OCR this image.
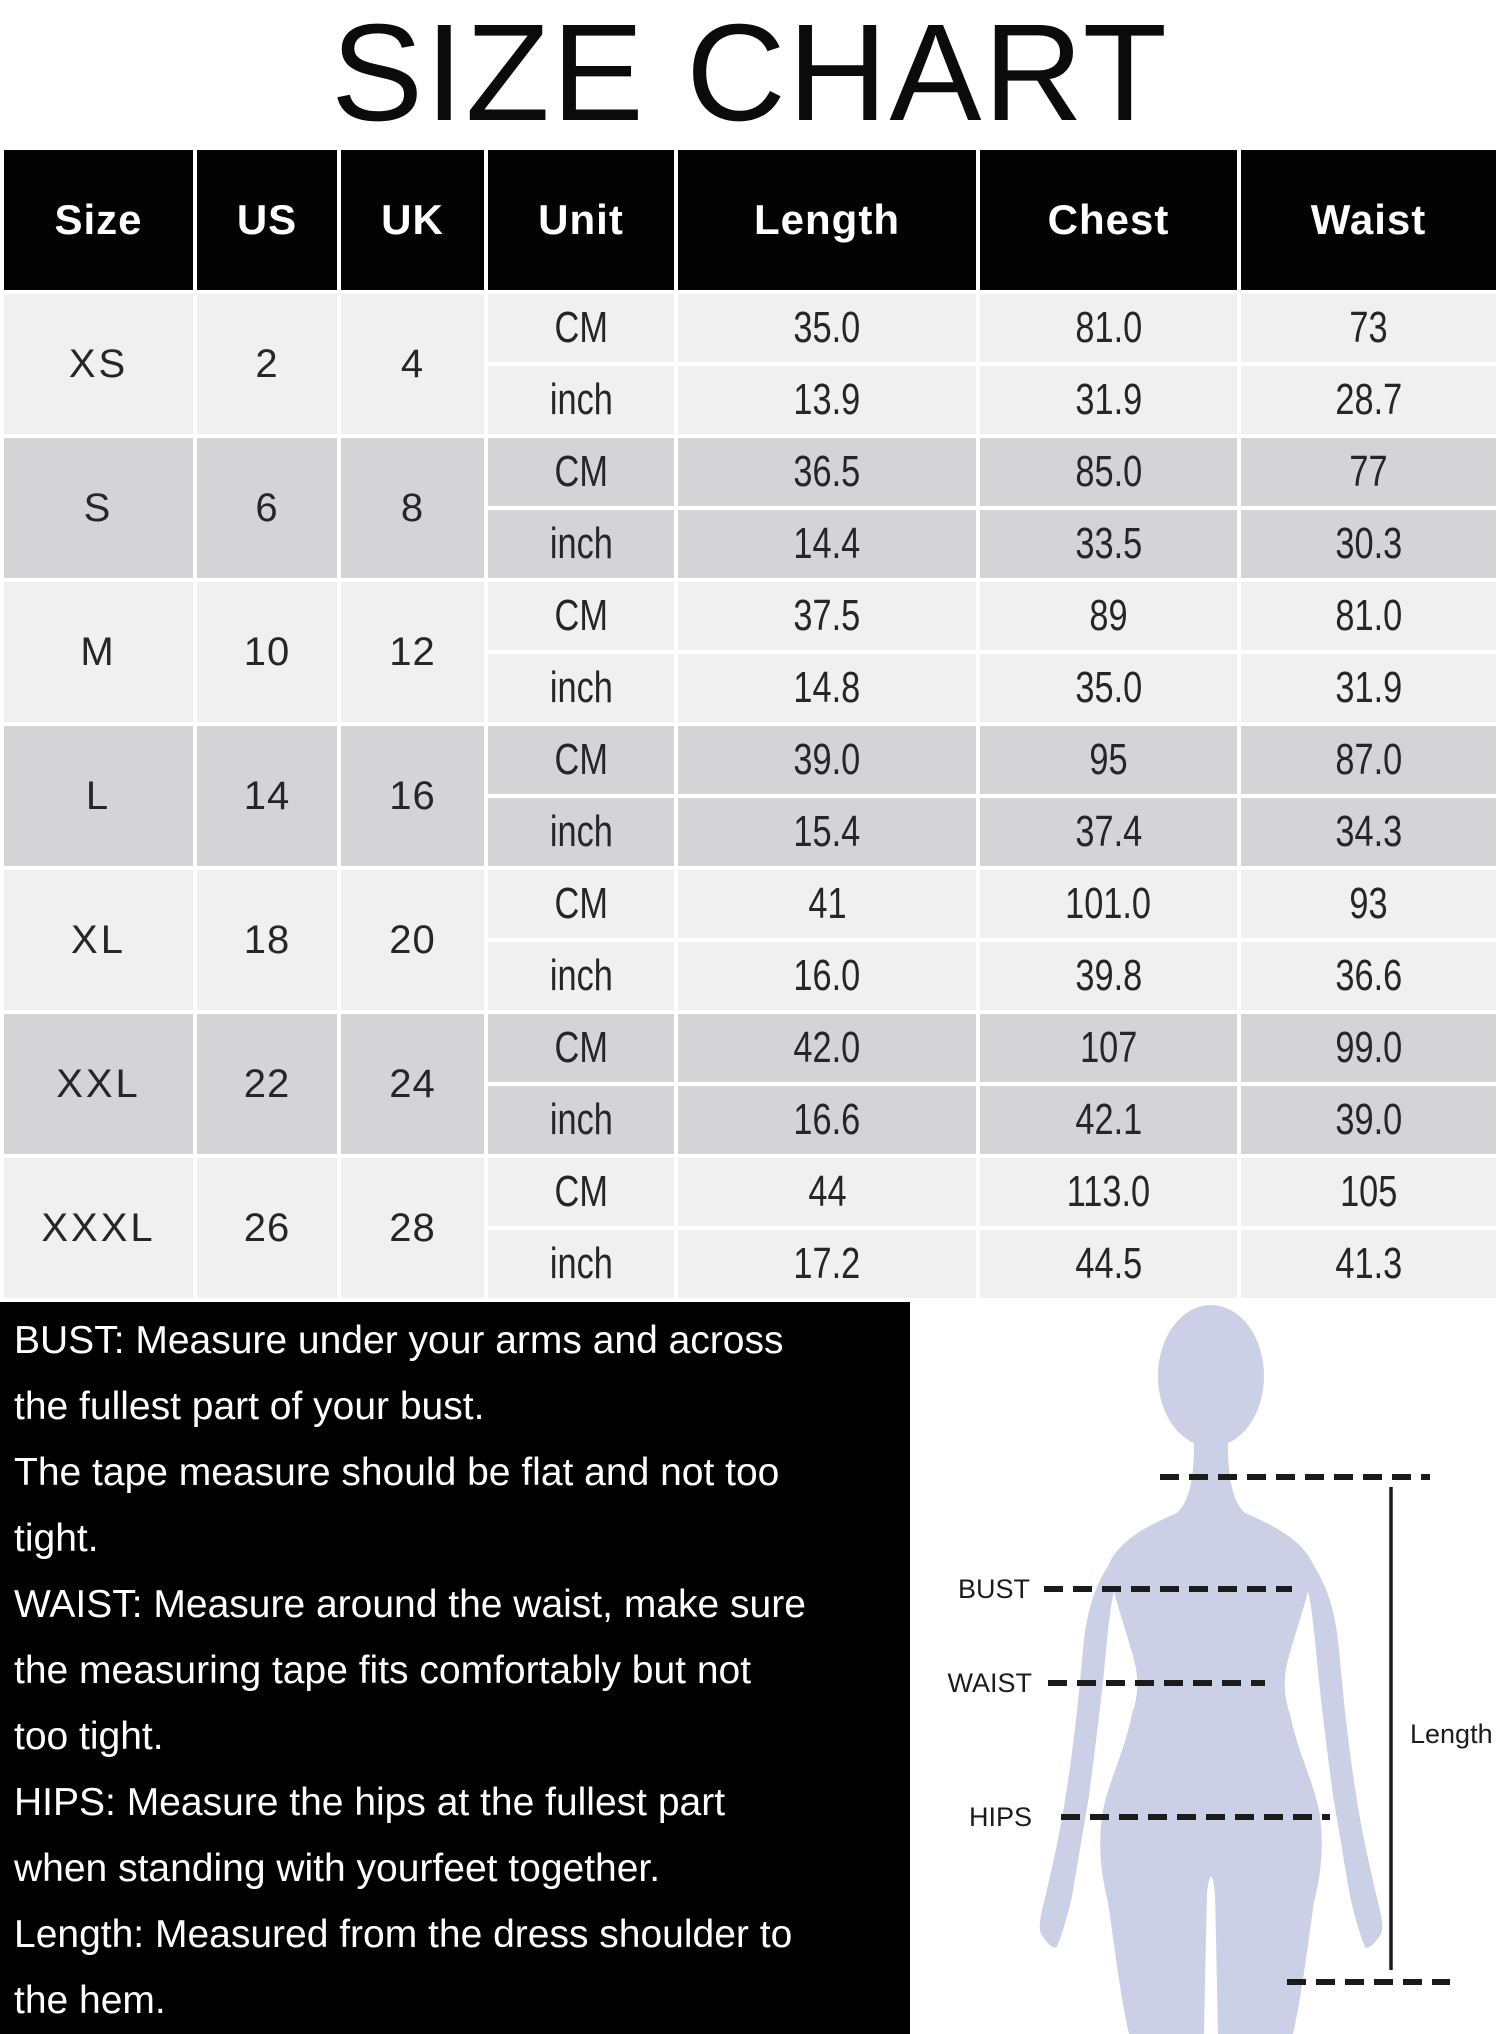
SIZE CHART
Size	US	UK	Unit	Length	Chest	Waist
XS	2	4	CM	35.0	81.0	73
			inch	13.9	31.9	28.7
S	6	8	CM	36.5	85.0	77
			inch	14.4	33.5	30.3
M	10	12	CM	37.5	89	81.0
			inch	14.8	35.0	31.9
L	14	16	CM	39.0	95	87.0
			inch	15.4	37.4	34.3
XL	18	20	CM	41	101.0	93
			inch	16.0	39.8	36.6
XXL	22	24	CM	42.0	107	99.0
			inch	16.6	42.1	39.0
XXXL	26	28	CM	44	113.0	105
			inch	17.2	44.5	41.3
BUST: Measure under your arms and across
the fullest part of your bust.
The tape measure should be flat and not too
tight.
WAIST: Measure around the waist, make sure
the measuring tape fits comfortably but not
too tight.
HIPS: Measure the hips at the fullest part
when standing with yourfeet together.
Length: Measured from the dress shoulder to
the hem.
BUST
WAIST
HIPS
Length
